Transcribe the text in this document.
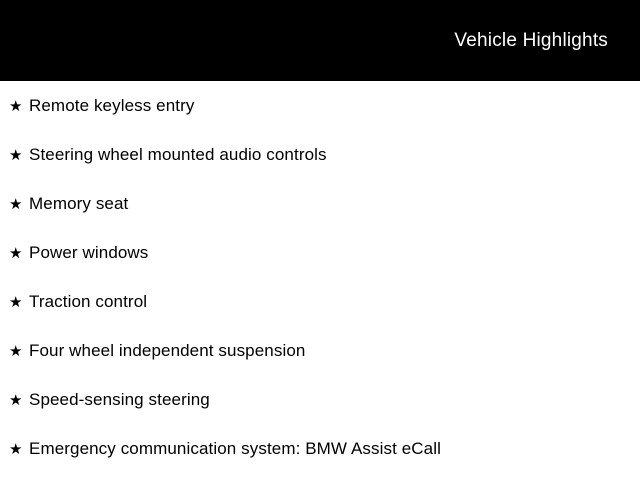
Vehicle Highlights
★ Remote keyless entry
★ Steering wheel mounted audio controls
★ Memory seat
★ Power windows
★ Traction control
★ Four wheel independent suspension
★ Speed-sensing steering
★ Emergency communication system: BMW Assist eCall
